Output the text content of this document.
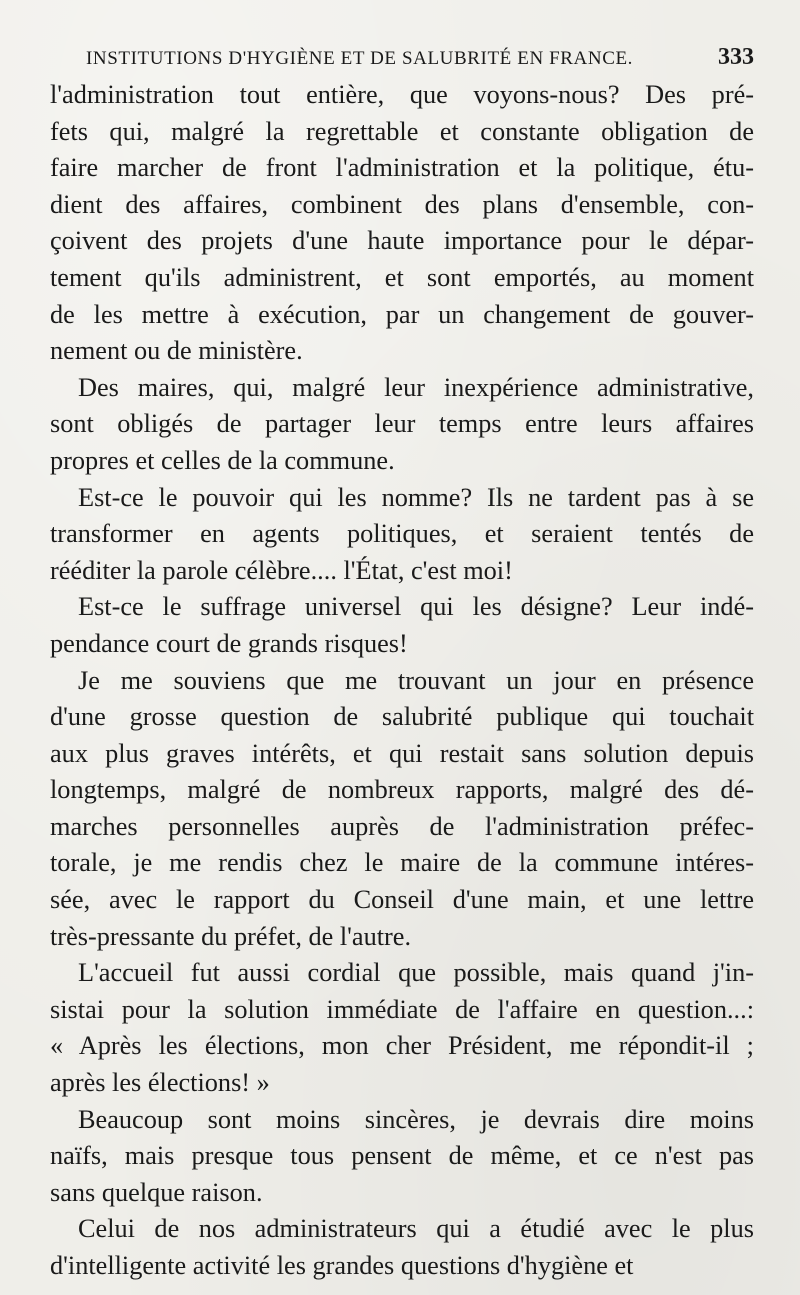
INSTITUTIONS D'HYGIÈNE ET DE SALUBRITÉ EN FRANCE.	333

l'administration tout entière, que voyons-nous? Des pré-
fets qui, malgré la regrettable et constante obligation de
faire marcher de front l'administration et la politique, étu-
dient des affaires, combinent des plans d'ensemble, con-
çoivent des projets d'une haute importance pour le dépar-
tement qu'ils administrent, et sont emportés, au moment
de les mettre à exécution, par un changement de gouver-
nement ou de ministère.

Des maires, qui, malgré leur inexpérience administrative,
sont obligés de partager leur temps entre leurs affaires
propres et celles de la commune.

Est-ce le pouvoir qui les nomme? Ils ne tardent pas à se
transformer en agents politiques, et seraient tentés de
rééditer la parole célèbre.... l'État, c'est moi!

Est-ce le suffrage universel qui les désigne? Leur indé-
pendance court de grands risques!

Je me souviens que me trouvant un jour en présence
d'une grosse question de salubrité publique qui touchait
aux plus graves intérêts, et qui restait sans solution depuis
longtemps, malgré de nombreux rapports, malgré des dé-
marches personnelles auprès de l'administration préfec-
torale, je me rendis chez le maire de la commune intéres-
sée, avec le rapport du Conseil d'une main, et une lettre
très-pressante du préfet, de l'autre.

L'accueil fut aussi cordial que possible, mais quand j'in-
sistai pour la solution immédiate de l'affaire en question...:
« Après les élections, mon cher Président, me répondit-il ;
après les élections! »

Beaucoup sont moins sincères, je devrais dire moins
naïfs, mais presque tous pensent de même, et ce n'est pas
sans quelque raison.

Celui de nos administrateurs qui a étudié avec le plus
d'intelligente activité les grandes questions d'hygiène et
